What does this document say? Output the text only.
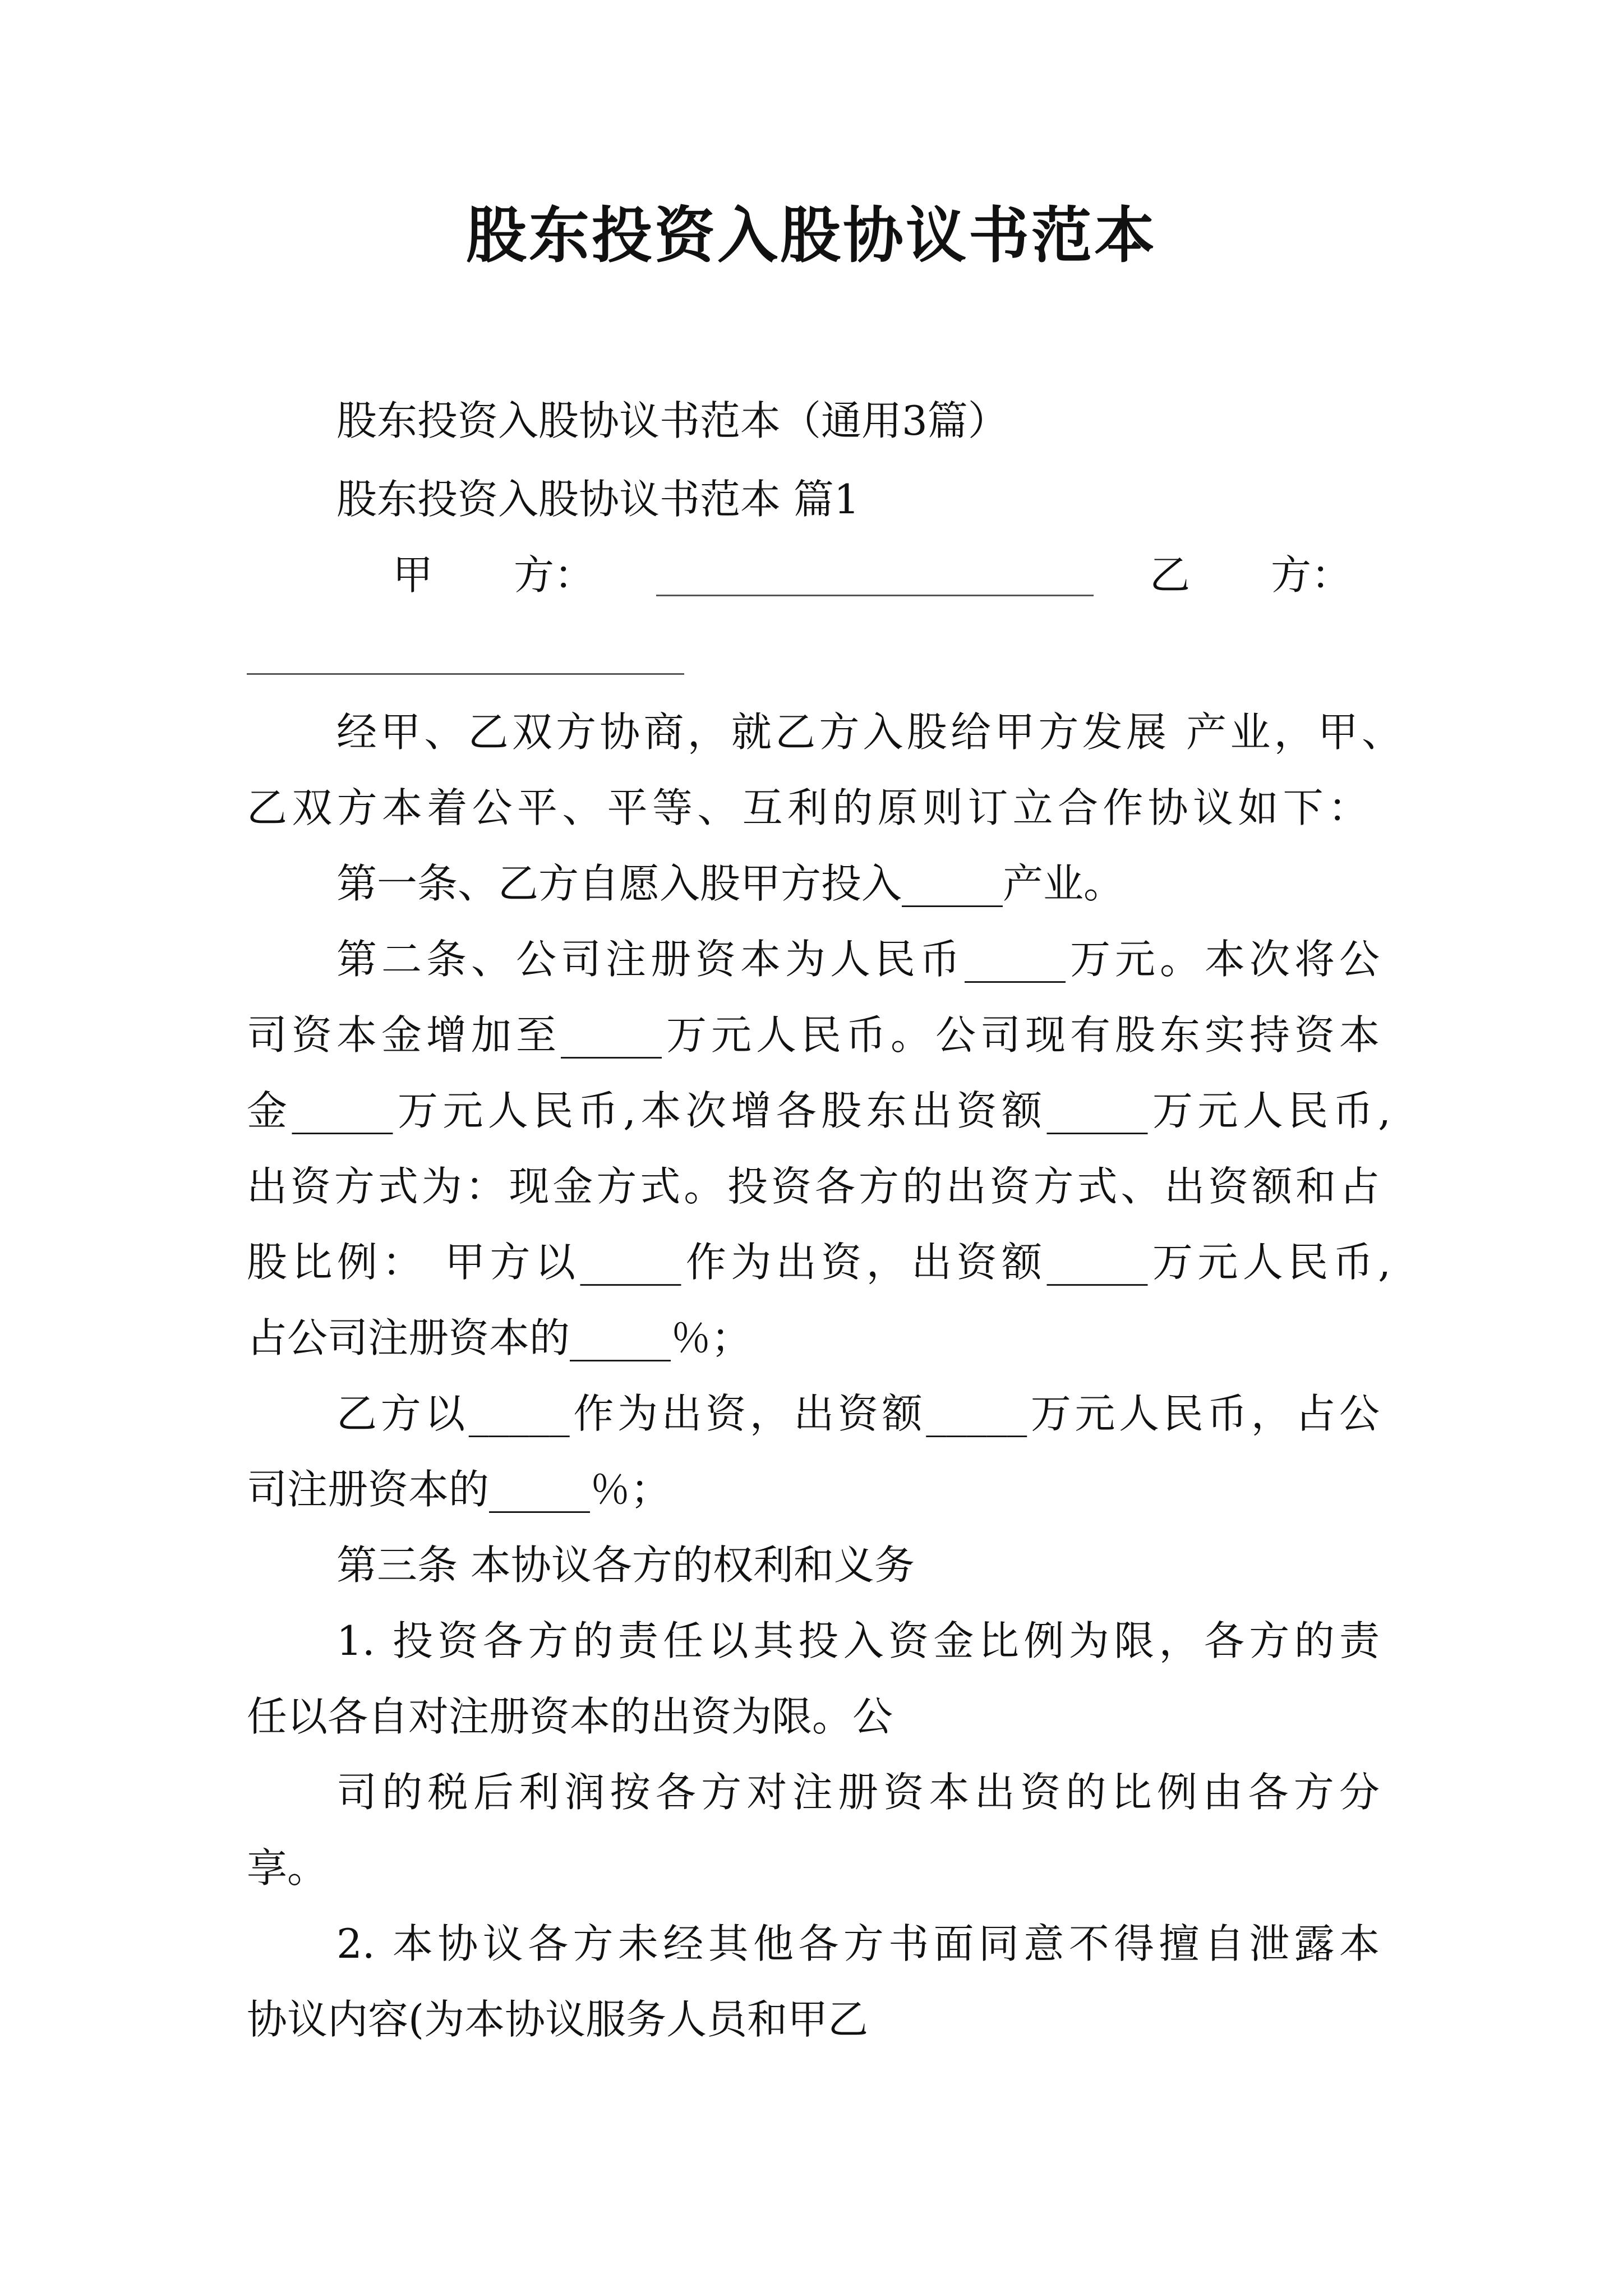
股东投资入股协议书范本
股东投资入股协议书范本（通用3篇）
股东投资入股协议书范本 篇1
甲　　方：	乙　　方：
经甲、乙双方协商，就乙方入股给甲方发展 产业，甲、
乙双方本着公平、平等、互利的原则订立合作协议如下：
第一条、乙方自愿入股甲方投入_____产业。
第二条、公司注册资本为人民币_____万元。本次将公
司资本金增加至_____万元人民币。公司现有股东实持资本
金_____万元人民币,本次增各股东出资额_____万元人民币,
出资方式为：现金方式。投资各方的出资方式、出资额和占
股比例： 甲方以_____作为出资，出资额_____万元人民币,
占公司注册资本的_____％；
乙方以_____作为出资，出资额_____万元人民币，占公
司注册资本的_____％；
第三条 本协议各方的权利和义务
1. 投资各方的责任以其投入资金比例为限，各方的责
任以各自对注册资本的出资为限。公
司的税后利润按各方对注册资本出资的比例由各方分
享。
2. 本协议各方未经其他各方书面同意不得擅自泄露本
协议内容(为本协议服务人员和甲乙
